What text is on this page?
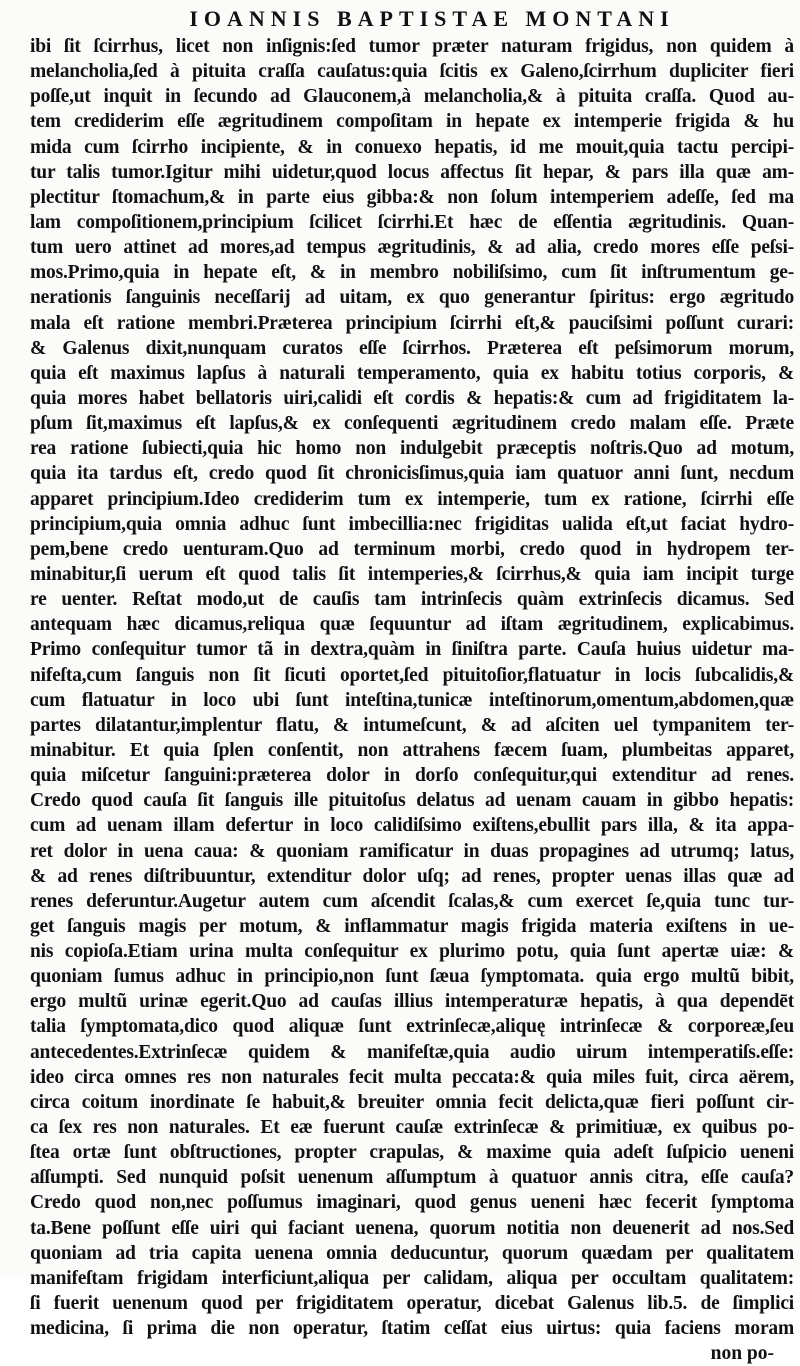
IOANNIS BAPTISTAE MONTANI
ibi ſit ſcirrhus, licet non inſignis:ſed tumor præter naturam frigidus, non quidem à
melancholia,ſed à pituita craſſa cauſatus:quia ſcitis ex Galeno,ſcirrhum dupliciter fieri
poſſe,ut inquit in ſecundo ad Glauconem,à melancholia,& à pituita craſſa. Quod au-
tem crediderim eſſe ægritudinem compoſitam in hepate ex intemperie frigida & hu
mida cum ſcirrho incipiente, & in conuexo hepatis, id me mouit,quia tactu percipi-
tur talis tumor.Igitur mihi uidetur,quod locus affectus ſit hepar, & pars illa quæ am-
plectitur ſtomachum,& in parte eius gibba:& non ſolum intemperiem adeſſe, ſed ma
lam compoſitionem,principium ſcilicet ſcirrhi.Et hæc de eſſentia ægritudinis. Quan-
tum uero attinet ad mores,ad tempus ægritudinis, & ad alia, credo mores eſſe peſsi-
mos.Primo,quia in hepate eſt, & in membro nobiliſsimo, cum ſit inſtrumentum ge-
nerationis ſanguinis neceſſarij ad uitam, ex quo generantur ſpiritus: ergo ægritudo
mala eſt ratione membri.Præterea principium ſcirrhi eſt,& pauciſsimi poſſunt curari:
& Galenus dixit,nunquam curatos eſſe ſcirrhos. Præterea eſt peſsimorum morum,
quia eſt maximus lapſus à naturali temperamento, quia ex habitu totius corporis, &
quia mores habet bellatoris uiri,calidi eſt cordis & hepatis:& cum ad frigiditatem la-
pſum ſit,maximus eſt lapſus,& ex conſequenti ægritudinem credo malam eſſe. Præte
rea ratione ſubiecti,quia hic homo non indulgebit præceptis noſtris.Quo ad motum,
quia ita tardus eſt, credo quod ſit chronicisſimus,quia iam quatuor anni ſunt, necdum
apparet principium.Ideo crediderim tum ex intemperie, tum ex ratione, ſcirrhi eſſe
principium,quia omnia adhuc ſunt imbecillia:nec frigiditas ualida eſt,ut faciat hydro-
pem,bene credo uenturam.Quo ad terminum morbi, credo quod in hydropem ter-
minabitur,ſi uerum eſt quod talis ſit intemperies,& ſcirrhus,& quia iam incipit turge
re uenter. Reſtat modo,ut de cauſis tam intrinſecis quàm extrinſecis dicamus. Sed
antequam hæc dicamus,reliqua quæ ſequuntur ad iſtam ægritudinem, explicabimus.
Primo conſequitur tumor tã in dextra,quàm in ſiniſtra parte. Cauſa huius uidetur ma-
nifeſta,cum ſanguis non ſit ſicuti oportet,ſed pituitoſior,flatuatur in locis ſubcalidis,&
cum flatuatur in loco ubi ſunt inteſtina,tunicæ inteſtinorum,omentum,abdomen,quæ
partes dilatantur,implentur flatu, & intumeſcunt, & ad aſciten uel tympanitem ter-
minabitur. Et quia ſplen conſentit, non attrahens fæcem ſuam, plumbeitas apparet,
quia miſcetur ſanguini:præterea dolor in dorſo conſequitur,qui extenditur ad renes.
Credo quod cauſa ſit ſanguis ille pituitoſus delatus ad uenam cauam in gibbo hepatis:
cum ad uenam illam defertur in loco calidiſsimo exiſtens,ebullit pars illa, & ita appa-
ret dolor in uena caua: & quoniam ramificatur in duas propagines ad utrumq; latus,
& ad renes diſtribuuntur, extenditur dolor uſq; ad renes, propter uenas illas quæ ad
renes deferuntur.Augetur autem cum aſcendit ſcalas,& cum exercet ſe,quia tunc tur-
get ſanguis magis per motum, & inflammatur magis frigida materia exiſtens in ue-
nis copioſa.Etiam urina multa conſequitur ex plurimo potu, quia ſunt apertæ uiæ: &
quoniam ſumus adhuc in principio,non ſunt ſæua ſymptomata. quia ergo multũ bibit,
ergo multũ urinæ egerit.Quo ad cauſas illius intemperaturæ hepatis, à qua dependēt
talia ſymptomata,dico quod aliquæ ſunt extrinſecæ,aliquę intrinſecæ & corporeæ,ſeu
antecedentes.Extrinſecæ quidem & manifeſtæ,quia audio uirum intemperatiſs.eſſe:
ideo circa omnes res non naturales fecit multa peccata:& quia miles fuit, circa aërem,
circa coitum inordinate ſe habuit,& breuiter omnia fecit delicta,quæ fieri poſſunt cir-
ca ſex res non naturales. Et eæ fuerunt cauſæ extrinſecæ & primitiuæ, ex quibus po-
ſtea ortæ ſunt obſtructiones, propter crapulas, & maxime quia adeſt ſuſpicio ueneni
aſſumpti. Sed nunquid poſsit uenenum aſſumptum à quatuor annis citra, eſſe cauſa?
Credo quod non,nec poſſumus imaginari, quod genus ueneni hæc fecerit ſymptoma
ta.Bene poſſunt eſſe uiri qui faciant uenena, quorum notitia non deuenerit ad nos.Sed
quoniam ad tria capita uenena omnia deducuntur, quorum quædam per qualitatem
manifeſtam frigidam interficiunt,aliqua per calidam, aliqua per occultam qualitatem:
ſi fuerit uenenum quod per frigiditatem operatur, dicebat Galenus lib.5. de ſimplici
medicina, ſi prima die non operatur, ſtatim ceſſat eius uirtus: quia faciens moram
non po-
